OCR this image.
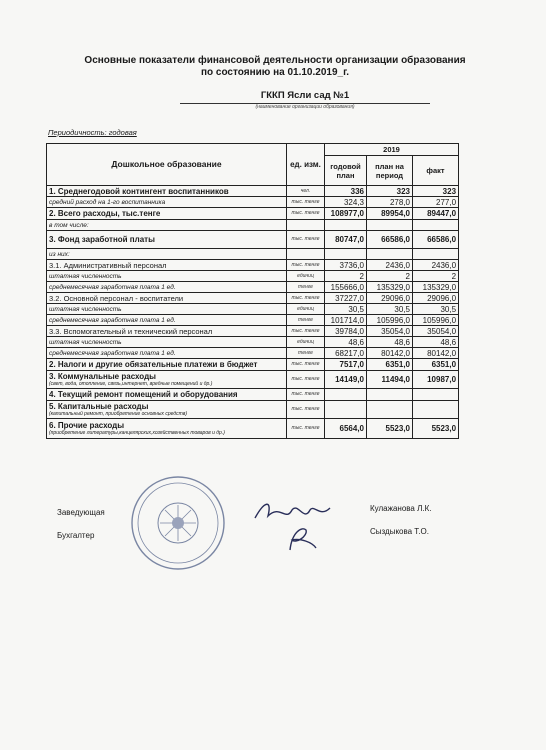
Основные показатели финансовой деятельности организации образования
по состоянию на 01.10.2019_г.
ГККП Ясли сад №1
(наименование организации образования)
Периодичность: годовая
Дошкольное образование	ед. изм.	2019		
		годовой план	план на период	факт
1. Среднегодовой контингент воспитанников	чел.	336	323	323
средний расход на 1-го воспитанника	тыс. тенге	324,3	278,0	277,0
2. Всего расходы, тыс.тенге	тыс. тенге	108977,0	89954,0	89447,0
в том числе:				
3. Фонд заработной платы	тыс. тенге	80747,0	66586,0	66586,0
из них:				
3.1. Административный персонал	тыс. тенге	3736,0	2436,0	2436,0
штатная численность	единиц	2	2	2
среднемесячная заработная плата 1 ед.	тенге	155666,0	135329,0	135329,0
3.2. Основной персонал - воспитатели	тыс. тенге	37227,0	29096,0	29096,0
штатная численность	единиц	30,5	30,5	30,5
среднемесячная заработная плата 1 ед.	тенге	101714,0	105996,0	105996,0
3.3. Вспомогательный и технический персонал	тыс. тенге	39784,0	35054,0	35054,0
штатная численность	единиц	48,6	48,6	48,6
среднемесячная заработная плата 1 ед.	тенге	68217,0	80142,0	80142,0
2. Налоги и другие обязательные платежи в бюджет	тыс. тенге	7517,0	6351,0	6351,0
3. Коммунальные расходы
(свет, вода, отопление, связь,интернет, вредные помещений и др.)	тыс. тенге	14149,0	11494,0	10987,0
4. Текущий ремонт помещений и оборудования	тыс. тенге			
5. Капитальные расходы
(капитальный ремонт, приобретение основных средств)	тыс. тенге			
6. Прочие расходы
(приобретение литературы,канцелярских,хозяйственных товаров и др.)	тыс. тенге	6564,0	5523,0	5523,0
Заведующая	Кулажанова Л.К.
Бухгалтер	Сыздыкова Т.О.
